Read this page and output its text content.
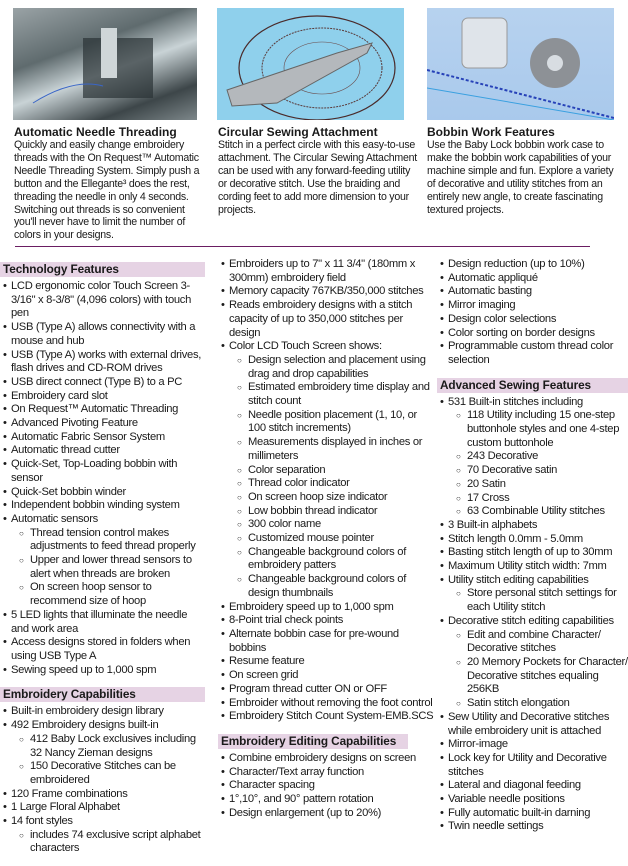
Automatic Needle Threading
Quickly and easily change embroidery threads with the On Request™ Automatic Needle Threading System. Simply push a button and the Ellegante³ does the rest, threading the needle in only 4 seconds. Switching out threads is so convenient you'll never have to limit the number of colors in your designs.
Circular Sewing Attachment
Stitch in a perfect circle with this easy-to-use attachment. The Circular Sewing Attachment can be used with any forward-feeding utility or decorative stitch. Use the braiding and cording feet to add more dimension to your projects.
Bobbin Work Features
Use the Baby Lock bobbin work case to make the bobbin work capabilities of your machine simple and fun. Explore a variety of decorative and utility stitches from an entirely new angle, to create fascinating textured projects.
Technology Features
• LCD ergonomic color Touch Screen 3-3/16" x 8-3/8" (4,096 colors) with touch pen
• USB (Type A) allows connectivity with a mouse and hub
• USB (Type A) works with external drives, flash drives and CD-ROM drives
• USB direct connect (Type B) to a PC
• Embroidery card slot
• On Request™ Automatic Threading
• Advanced Pivoting Feature
• Automatic Fabric Sensor System
• Automatic thread cutter
• Quick-Set, Top-Loading bobbin with sensor
• Quick-Set bobbin winder
• Independent bobbin winding system
• Automatic sensors
○ Thread tension control makes adjustments to feed thread properly
○ Upper and lower thread sensors to alert when threads are broken
○ On screen hoop sensor to recommend size of hoop
• 5 LED lights that illuminate the needle and work area
• Access designs stored in folders when using USB Type A
• Sewing speed up to 1,000 spm
Embroidery Capabilities
• Built-in embroidery design library
• 492 Embroidery designs built-in
○ 412 Baby Lock exclusives including 32 Nancy Zieman designs
○ 150 Decorative Stitches can be embroidered
• 120 Frame combinations
• 1 Large Floral Alphabet
• 14 font styles
○ includes 74 exclusive script alphabet characters
• Embroiders up to 7" x 11 3/4" (180mm x 300mm) embroidery field
• Memory capacity 767KB/350,000 stitches
• Reads embroidery designs with a stitch capacity of up to 350,000 stitches per design
• Color LCD Touch Screen shows:
○ Design selection and placement using drag and drop capabilities
○ Estimated embroidery time display and stitch count
○ Needle position placement (1, 10, or 100 stitch increments)
○ Measurements displayed in inches or millimeters
○ Color separation
○ Thread color indicator
○ On screen hoop size indicator
○ Low bobbin thread indicator
○ 300 color name
○ Customized mouse pointer
○ Changeable background colors of embroidery patters
○ Changeable background colors of design thumbnails
• Embroidery speed up to 1,000 spm
• 8-Point trial check points
• Alternate bobbin case for pre-wound bobbins
• Resume feature
• On screen grid
• Program thread cutter ON or OFF
• Embroider without removing the foot control
• Embroidery Stitch Count System-EMB.SCS
Embroidery Editing Capabilities
• Combine embroidery designs on screen
• Character/Text array function
• Character spacing
• 1°,10°, and 90° pattern rotation
• Design enlargement (up to 20%)
• Design reduction (up to 10%)
• Automatic appliqué
• Automatic basting
• Mirror imaging
• Design color selections
• Color sorting on border designs
• Programmable custom thread color selection
Advanced Sewing Features
• 531 Built-in stitches including
○ 118 Utility including 15 one-step buttonhole styles and one 4-step custom buttonhole
○ 243 Decorative
○ 70 Decorative satin
○ 20 Satin
○ 17 Cross
○ 63 Combinable Utility stitches
• 3 Built-in alphabets
• Stitch length 0.0mm - 5.0mm
• Basting stitch length of up to 30mm
• Maximum Utility stitch width: 7mm
• Utility stitch editing capabilities
○ Store personal stitch settings for each Utility stitch
• Decorative stitch editing capabilities
○ Edit and combine Character/ Decorative stitches
○ 20 Memory Pockets for Character/ Decorative stitches equaling 256KB
○ Satin stitch elongation
• Sew Utility and Decorative stitches while embroidery unit is attached
• Mirror-image
• Lock key for Utility and Decorative stitches
• Lateral and diagonal feeding
• Variable needle positions
• Fully automatic built-in darning
• Twin needle settings
